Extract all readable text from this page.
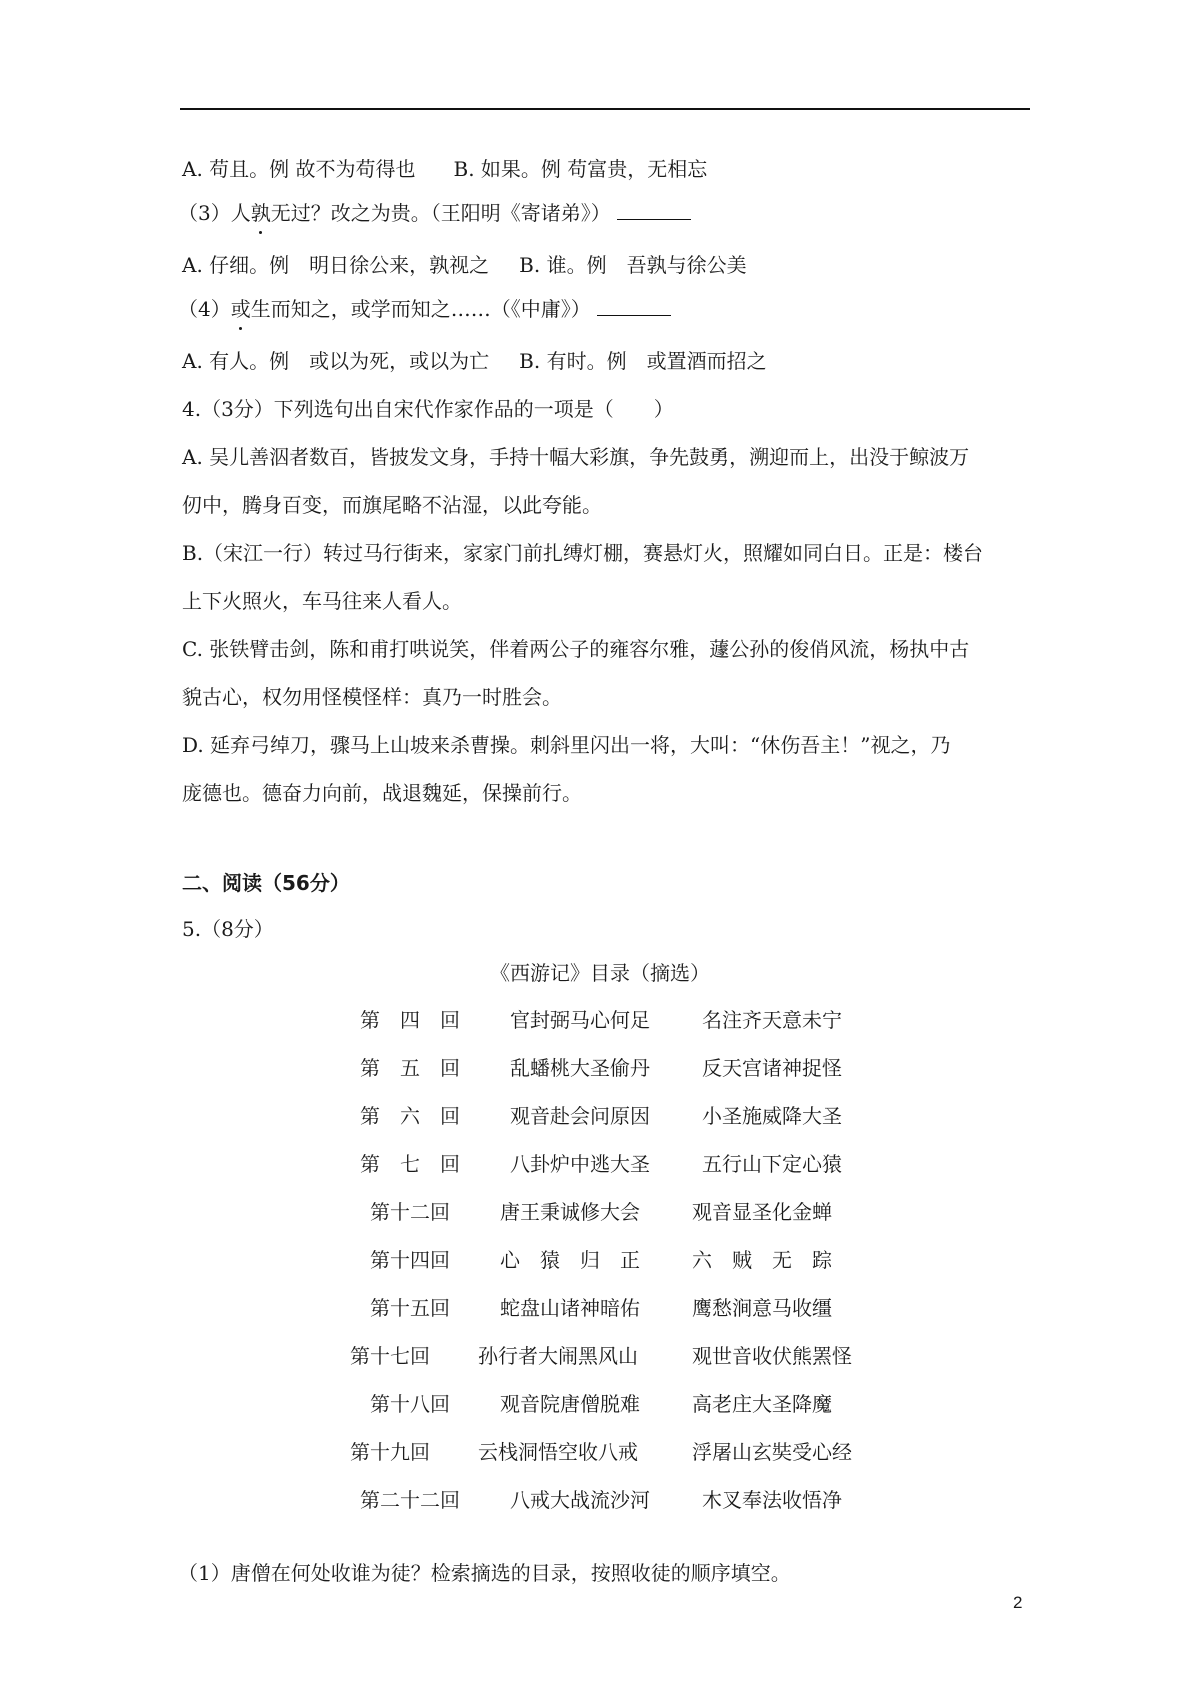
A. 苟且。例 故不为苟得也 B. 如果。例 苟富贵，无相忘
（3）人孰无过？改之为贵。（王阳明《寄诸弟》）
A. 仔细。例　明日徐公来，孰视之 B. 谁。例　吾孰与徐公美
（4）或生而知之，或学而知之……（《中庸》）
A. 有人。例　或以为死，或以为亡 B. 有时。例　或置酒而招之
4.（3分）下列选句出自宋代作家作品的一项是（　　）
A. 吴儿善泅者数百，皆披发文身，手持十幅大彩旗，争先鼓勇，溯迎而上，出没于鲸波万
仞中，腾身百变，而旗尾略不沾湿，以此夸能。
B.（宋江一行）转过马行街来，家家门前扎缚灯棚，赛悬灯火，照耀如同白日。正是：楼台
上下火照火，车马往来人看人。
C. 张铁臂击剑，陈和甫打哄说笑，伴着两公子的雍容尔雅，蘧公孙的俊俏风流，杨执中古
貌古心，权勿用怪模怪样：真乃一时胜会。
D. 延弃弓绰刀，骤马上山坡来杀曹操。刺斜里闪出一将，大叫：“休伤吾主！”视之，乃
庞德也。德奋力向前，战退魏延，保操前行。
二、阅读（56分）
5.（8分）
《西游记》目录（摘选）
第　四　回	官封弼马心何足	名注齐天意未宁
第　五　回	乱蟠桃大圣偷丹	反天宫诸神捉怪
第　六　回	观音赴会问原因	小圣施威降大圣
第　七　回	八卦炉中逃大圣	五行山下定心猿
第十二回	唐王秉诚修大会	观音显圣化金蝉
第十四回	心　猿　归　正	六　贼　无　踪
第十五回	蛇盘山诸神暗佑	鹰愁涧意马收缰
第十七回 孙行者大闹黑风山	观世音收伏熊罴怪
第十八回	观音院唐僧脱难	高老庄大圣降魔
第十九回 云栈洞悟空收八戒	浮屠山玄奘受心经
第二十二回	八戒大战流沙河	木叉奉法收悟净
（1）唐僧在何处收谁为徒？检索摘选的目录，按照收徒的顺序填空。
2
